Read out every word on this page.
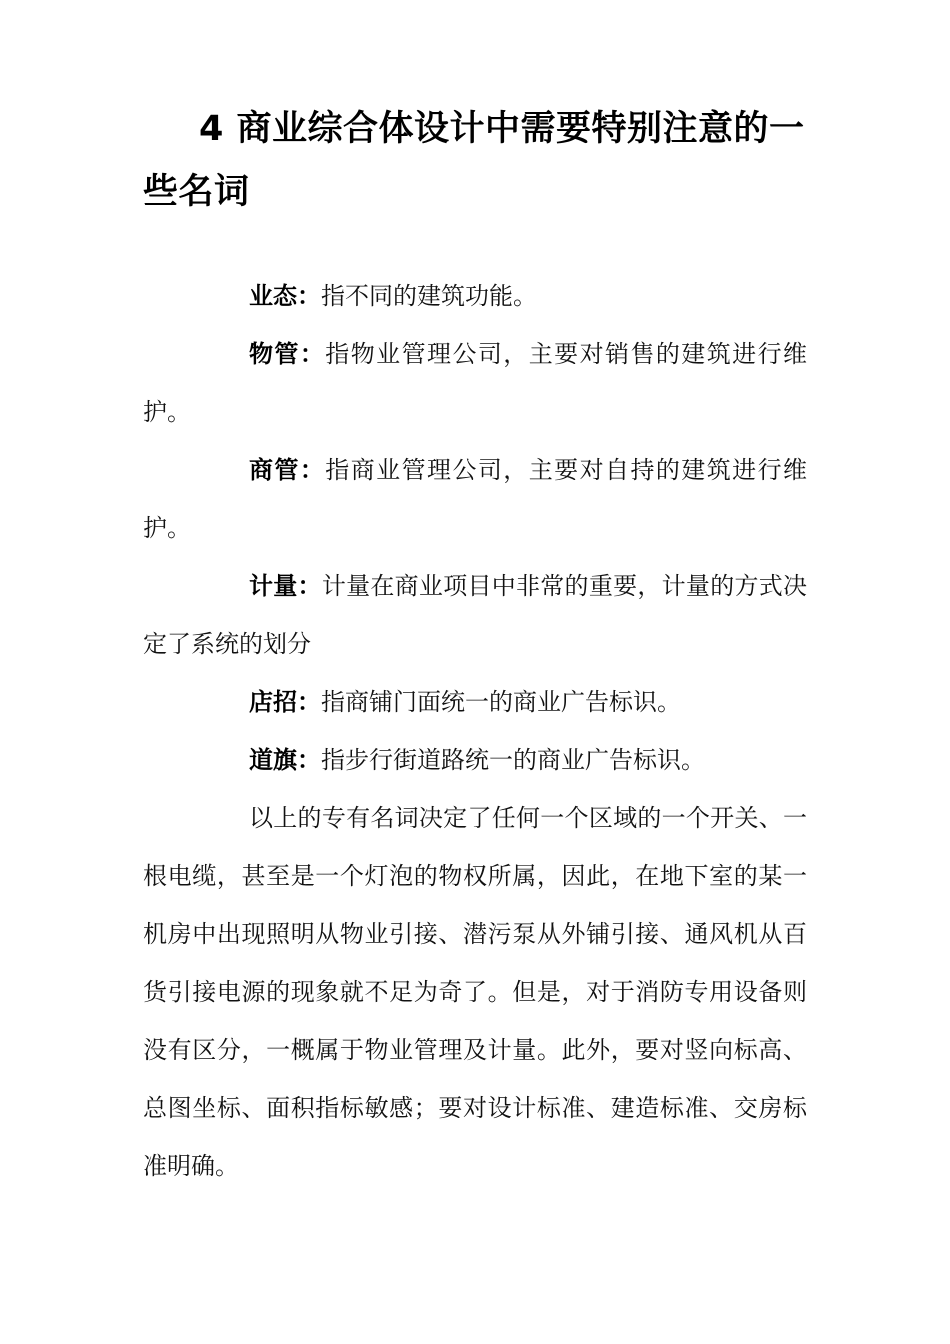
4 商业综合体设计中需要特别注意的一些名词

业态：指不同的建筑功能。

物管：指物业管理公司，主要对销售的建筑进行维护。

商管：指商业管理公司，主要对自持的建筑进行维护。

计量：计量在商业项目中非常的重要，计量的方式决定了系统的划分

店招：指商铺门面统一的商业广告标识。

道旗：指步行街道路统一的商业广告标识。

以上的专有名词决定了任何一个区域的一个开关、一根电缆，甚至是一个灯泡的物权所属，因此，在地下室的某一机房中出现照明从物业引接、潜污泵从外铺引接、通风机从百货引接电源的现象就不足为奇了。但是，对于消防专用设备则没有区分，一概属于物业管理及计量。此外，要对竖向标高、总图坐标、面积指标敏感；要对设计标准、建造标准、交房标准明确。
